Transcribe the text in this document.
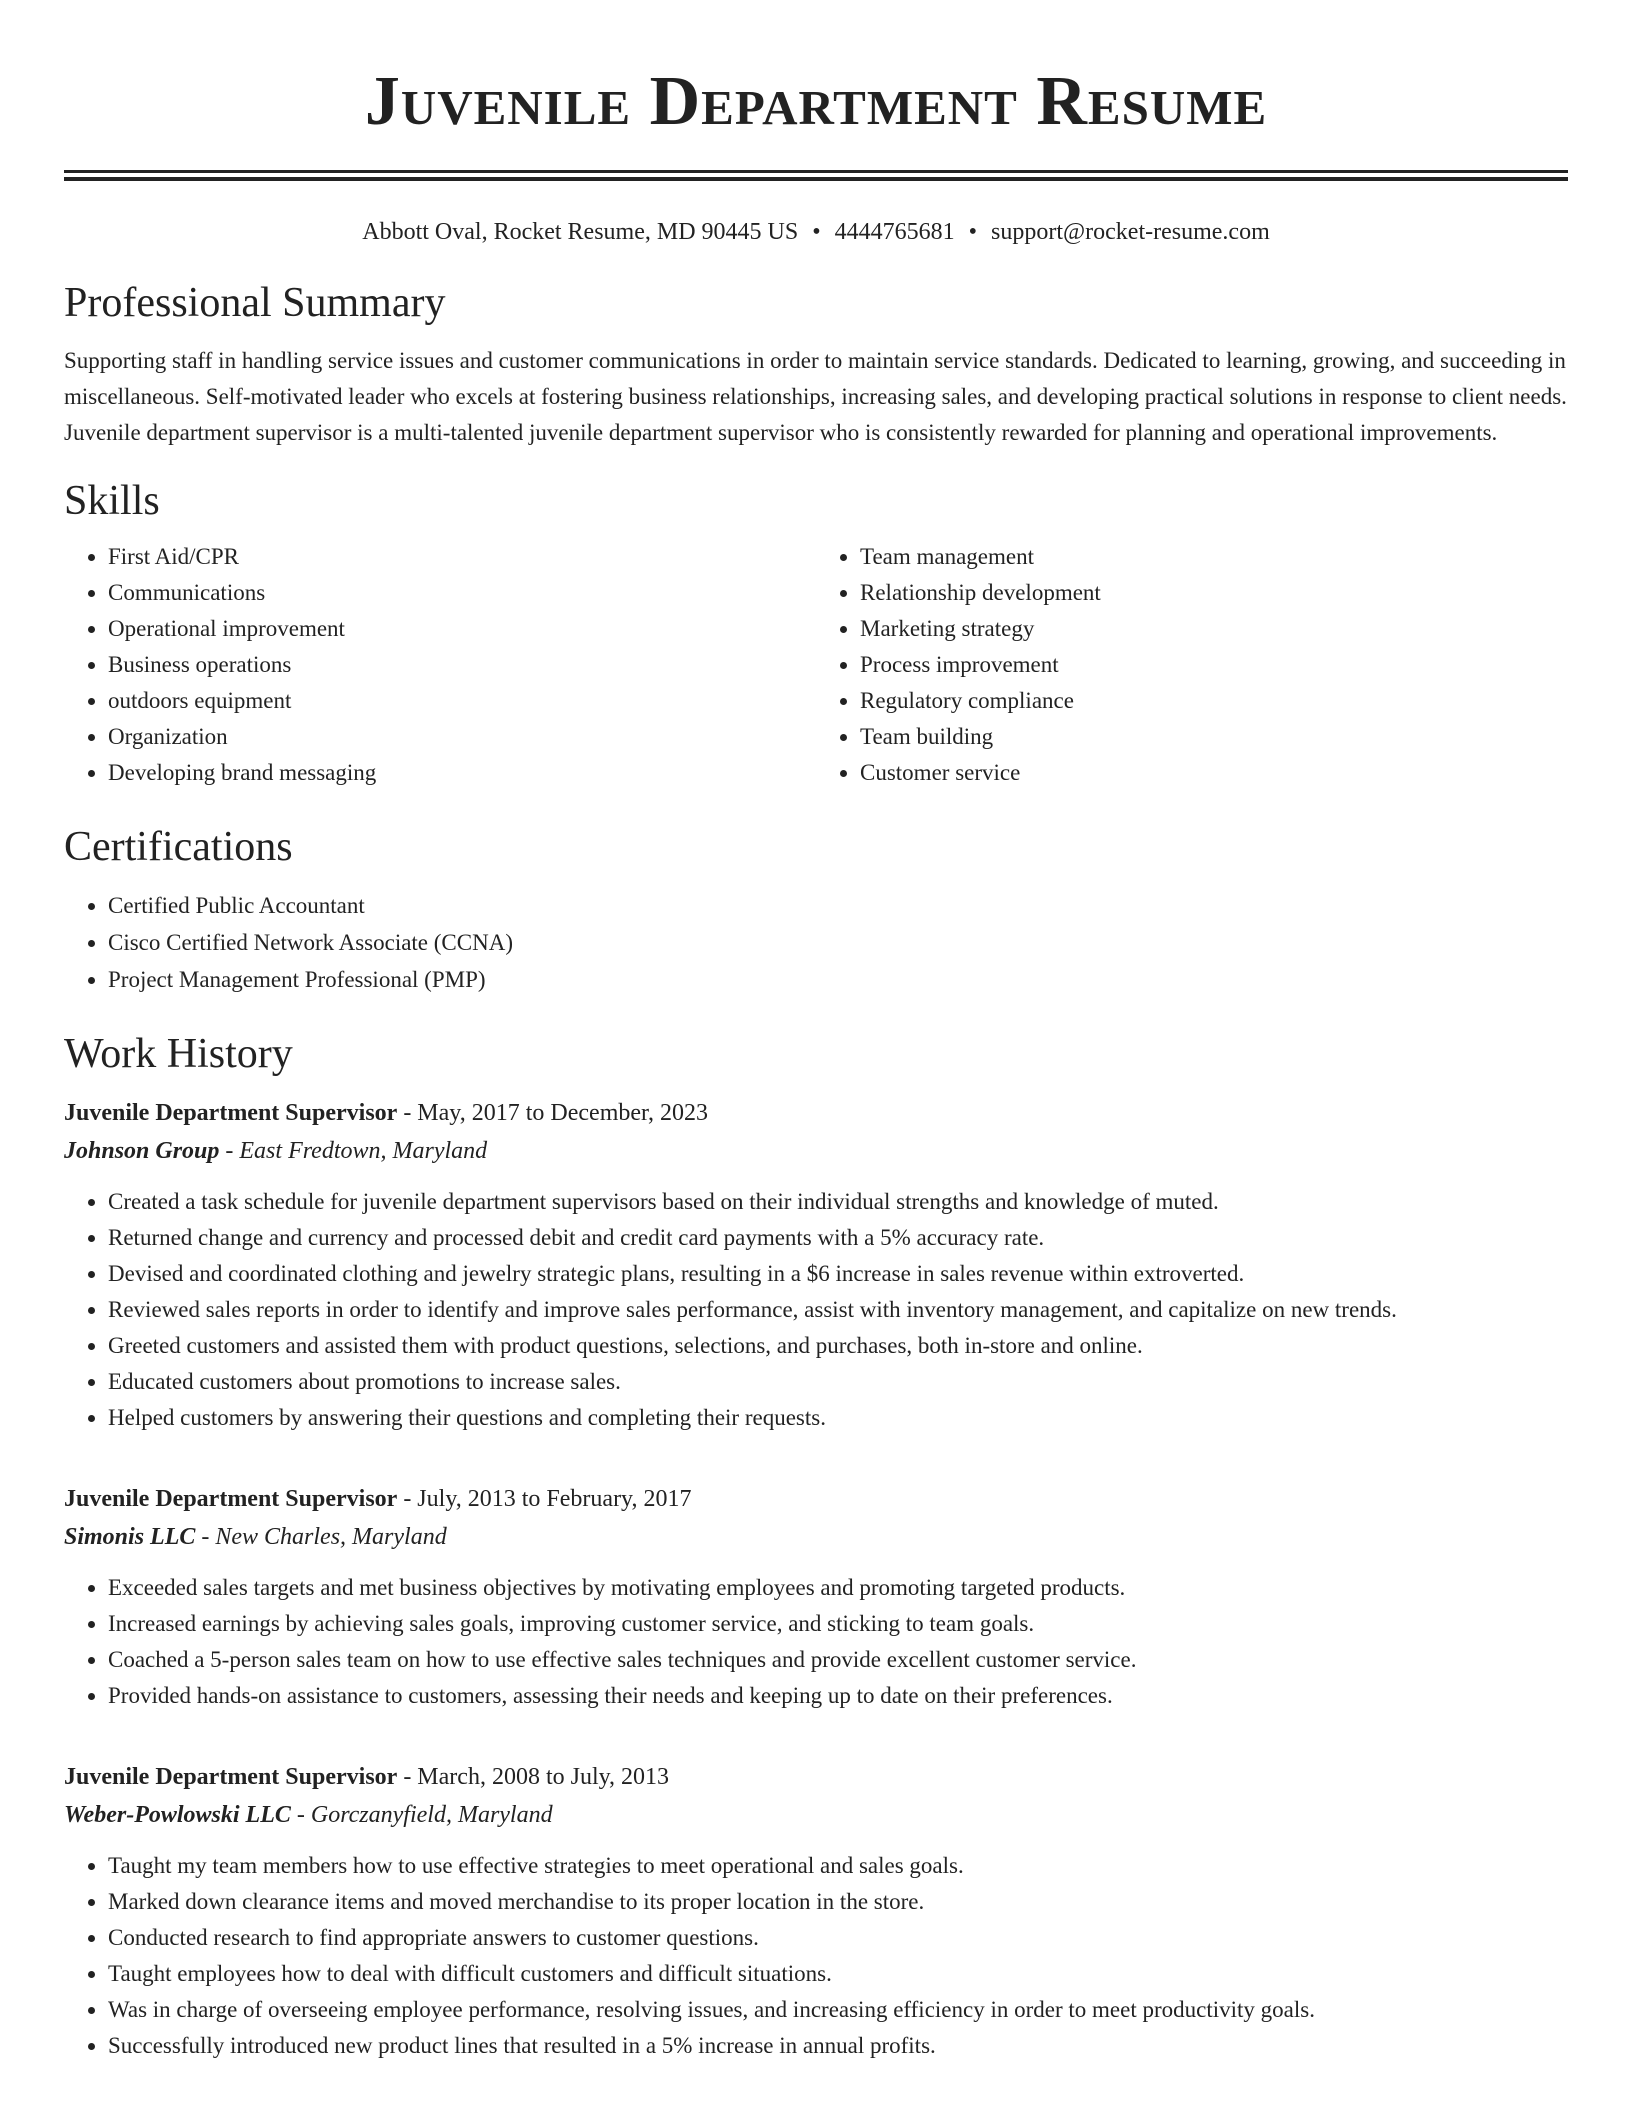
Juvenile Department Resume
Abbott Oval, Rocket Resume, MD 90445 US • 4444765681 • support@rocket-resume.com
Professional Summary
Supporting staff in handling service issues and customer communications in order to maintain service standards. Dedicated to learning, growing, and succeeding in miscellaneous. Self-motivated leader who excels at fostering business relationships, increasing sales, and developing practical solutions in response to client needs. Juvenile department supervisor is a multi-talented juvenile department supervisor who is consistently rewarded for planning and operational improvements.
Skills
• First Aid/CPR
• Communications
• Operational improvement
• Business operations
• outdoors equipment
• Organization
• Developing brand messaging
• Team management
• Relationship development
• Marketing strategy
• Process improvement
• Regulatory compliance
• Team building
• Customer service
Certifications
• Certified Public Accountant
• Cisco Certified Network Associate (CCNA)
• Project Management Professional (PMP)
Work History
Juvenile Department Supervisor - May, 2017 to December, 2023
Johnson Group - East Fredtown, Maryland
• Created a task schedule for juvenile department supervisors based on their individual strengths and knowledge of muted.
• Returned change and currency and processed debit and credit card payments with a 5% accuracy rate.
• Devised and coordinated clothing and jewelry strategic plans, resulting in a $6 increase in sales revenue within extroverted.
• Reviewed sales reports in order to identify and improve sales performance, assist with inventory management, and capitalize on new trends.
• Greeted customers and assisted them with product questions, selections, and purchases, both in-store and online.
• Educated customers about promotions to increase sales.
• Helped customers by answering their questions and completing their requests.
Juvenile Department Supervisor - July, 2013 to February, 2017
Simonis LLC - New Charles, Maryland
• Exceeded sales targets and met business objectives by motivating employees and promoting targeted products.
• Increased earnings by achieving sales goals, improving customer service, and sticking to team goals.
• Coached a 5-person sales team on how to use effective sales techniques and provide excellent customer service.
• Provided hands-on assistance to customers, assessing their needs and keeping up to date on their preferences.
Juvenile Department Supervisor - March, 2008 to July, 2013
Weber-Powlowski LLC - Gorczanyfield, Maryland
• Taught my team members how to use effective strategies to meet operational and sales goals.
• Marked down clearance items and moved merchandise to its proper location in the store.
• Conducted research to find appropriate answers to customer questions.
• Taught employees how to deal with difficult customers and difficult situations.
• Was in charge of overseeing employee performance, resolving issues, and increasing efficiency in order to meet productivity goals.
• Successfully introduced new product lines that resulted in a 5% increase in annual profits.
